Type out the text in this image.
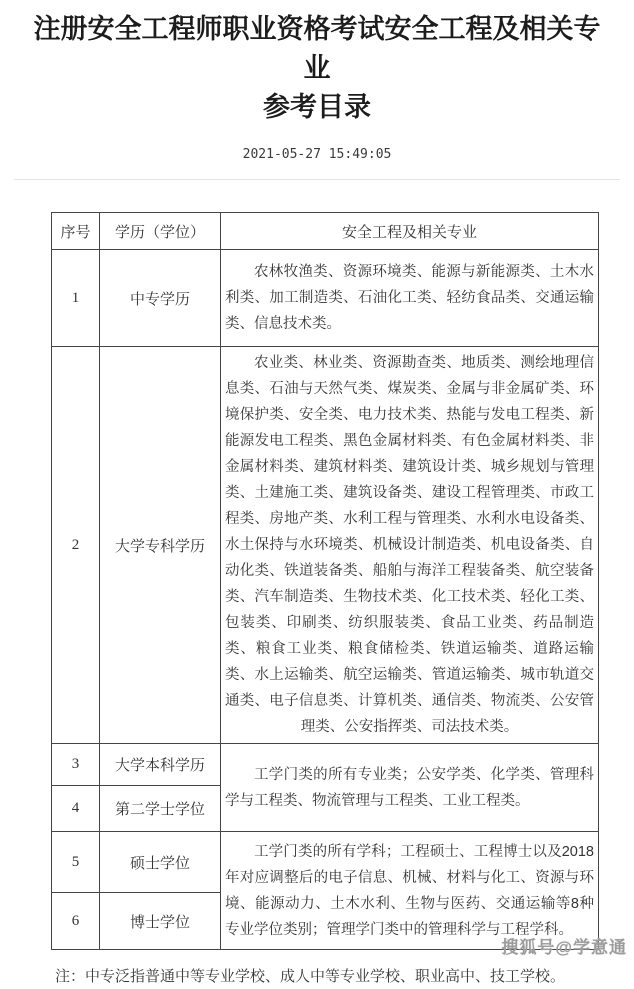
注册安全工程师职业资格考试安全工程及相关专业
参考目录
2021-05-27 15:49:05
序号	学历（学位）	安全工程及相关专业
1	中专学历	农林牧渔类、资源环境类、能源与新能源类、土木水利类、加工制造类、石油化工类、轻纺食品类、交通运输类、信息技术类。

2	大学专科学历	农业类、林业类、资源勘查类、地质类、测绘地理信息类、石油与天然气类、煤炭类、金属与非金属矿类、环境保护类、安全类、电力技术类、热能与发电工程类、新能源发电工程类、黑色金属材料类、有色金属材料类、非金属材料类、建筑材料类、建筑设计类、城乡规划与管理类、土建施工类、建筑设备类、建设工程管理类、市政工程类、房地产类、水利工程与管理类、水利水电设备类、水土保持与水环境类、机械设计制造类、机电设备类、自动化类、铁道装备类、船舶与海洋工程装备类、航空装备类、汽车制造类、生物技术类、化工技术类、轻化工类、包装类、印刷类、纺织服装类、食品工业类、药品制造类、粮食工业类、粮食储检类、铁道运输类、道路运输类、水上运输类、航空运输类、管道运输类、城市轨道交通类、电子信息类、计算机类、通信类、物流类、公安管理类、公安指挥类、司法技术类。

3	大学本科学历	工学门类的所有专业类；公安学类、化学类、管理科学与工程类、物流管理与工程类、工业工程类。

4	第二学士学位	
5	硕士学位	工学门类的所有学科；工程硕士、工程博士以及2018年对应调整后的电子信息、机械、材料与化工、资源与环境、能源动力、土木水利、生物与医药、交通运输等8种专业学位类别；管理学门类中的管理科学与工程学科。

6	博士学位	
注：中专泛指普通中等专业学校、成人中等专业学校、职业高中、技工学校。
搜狐号@学意通
